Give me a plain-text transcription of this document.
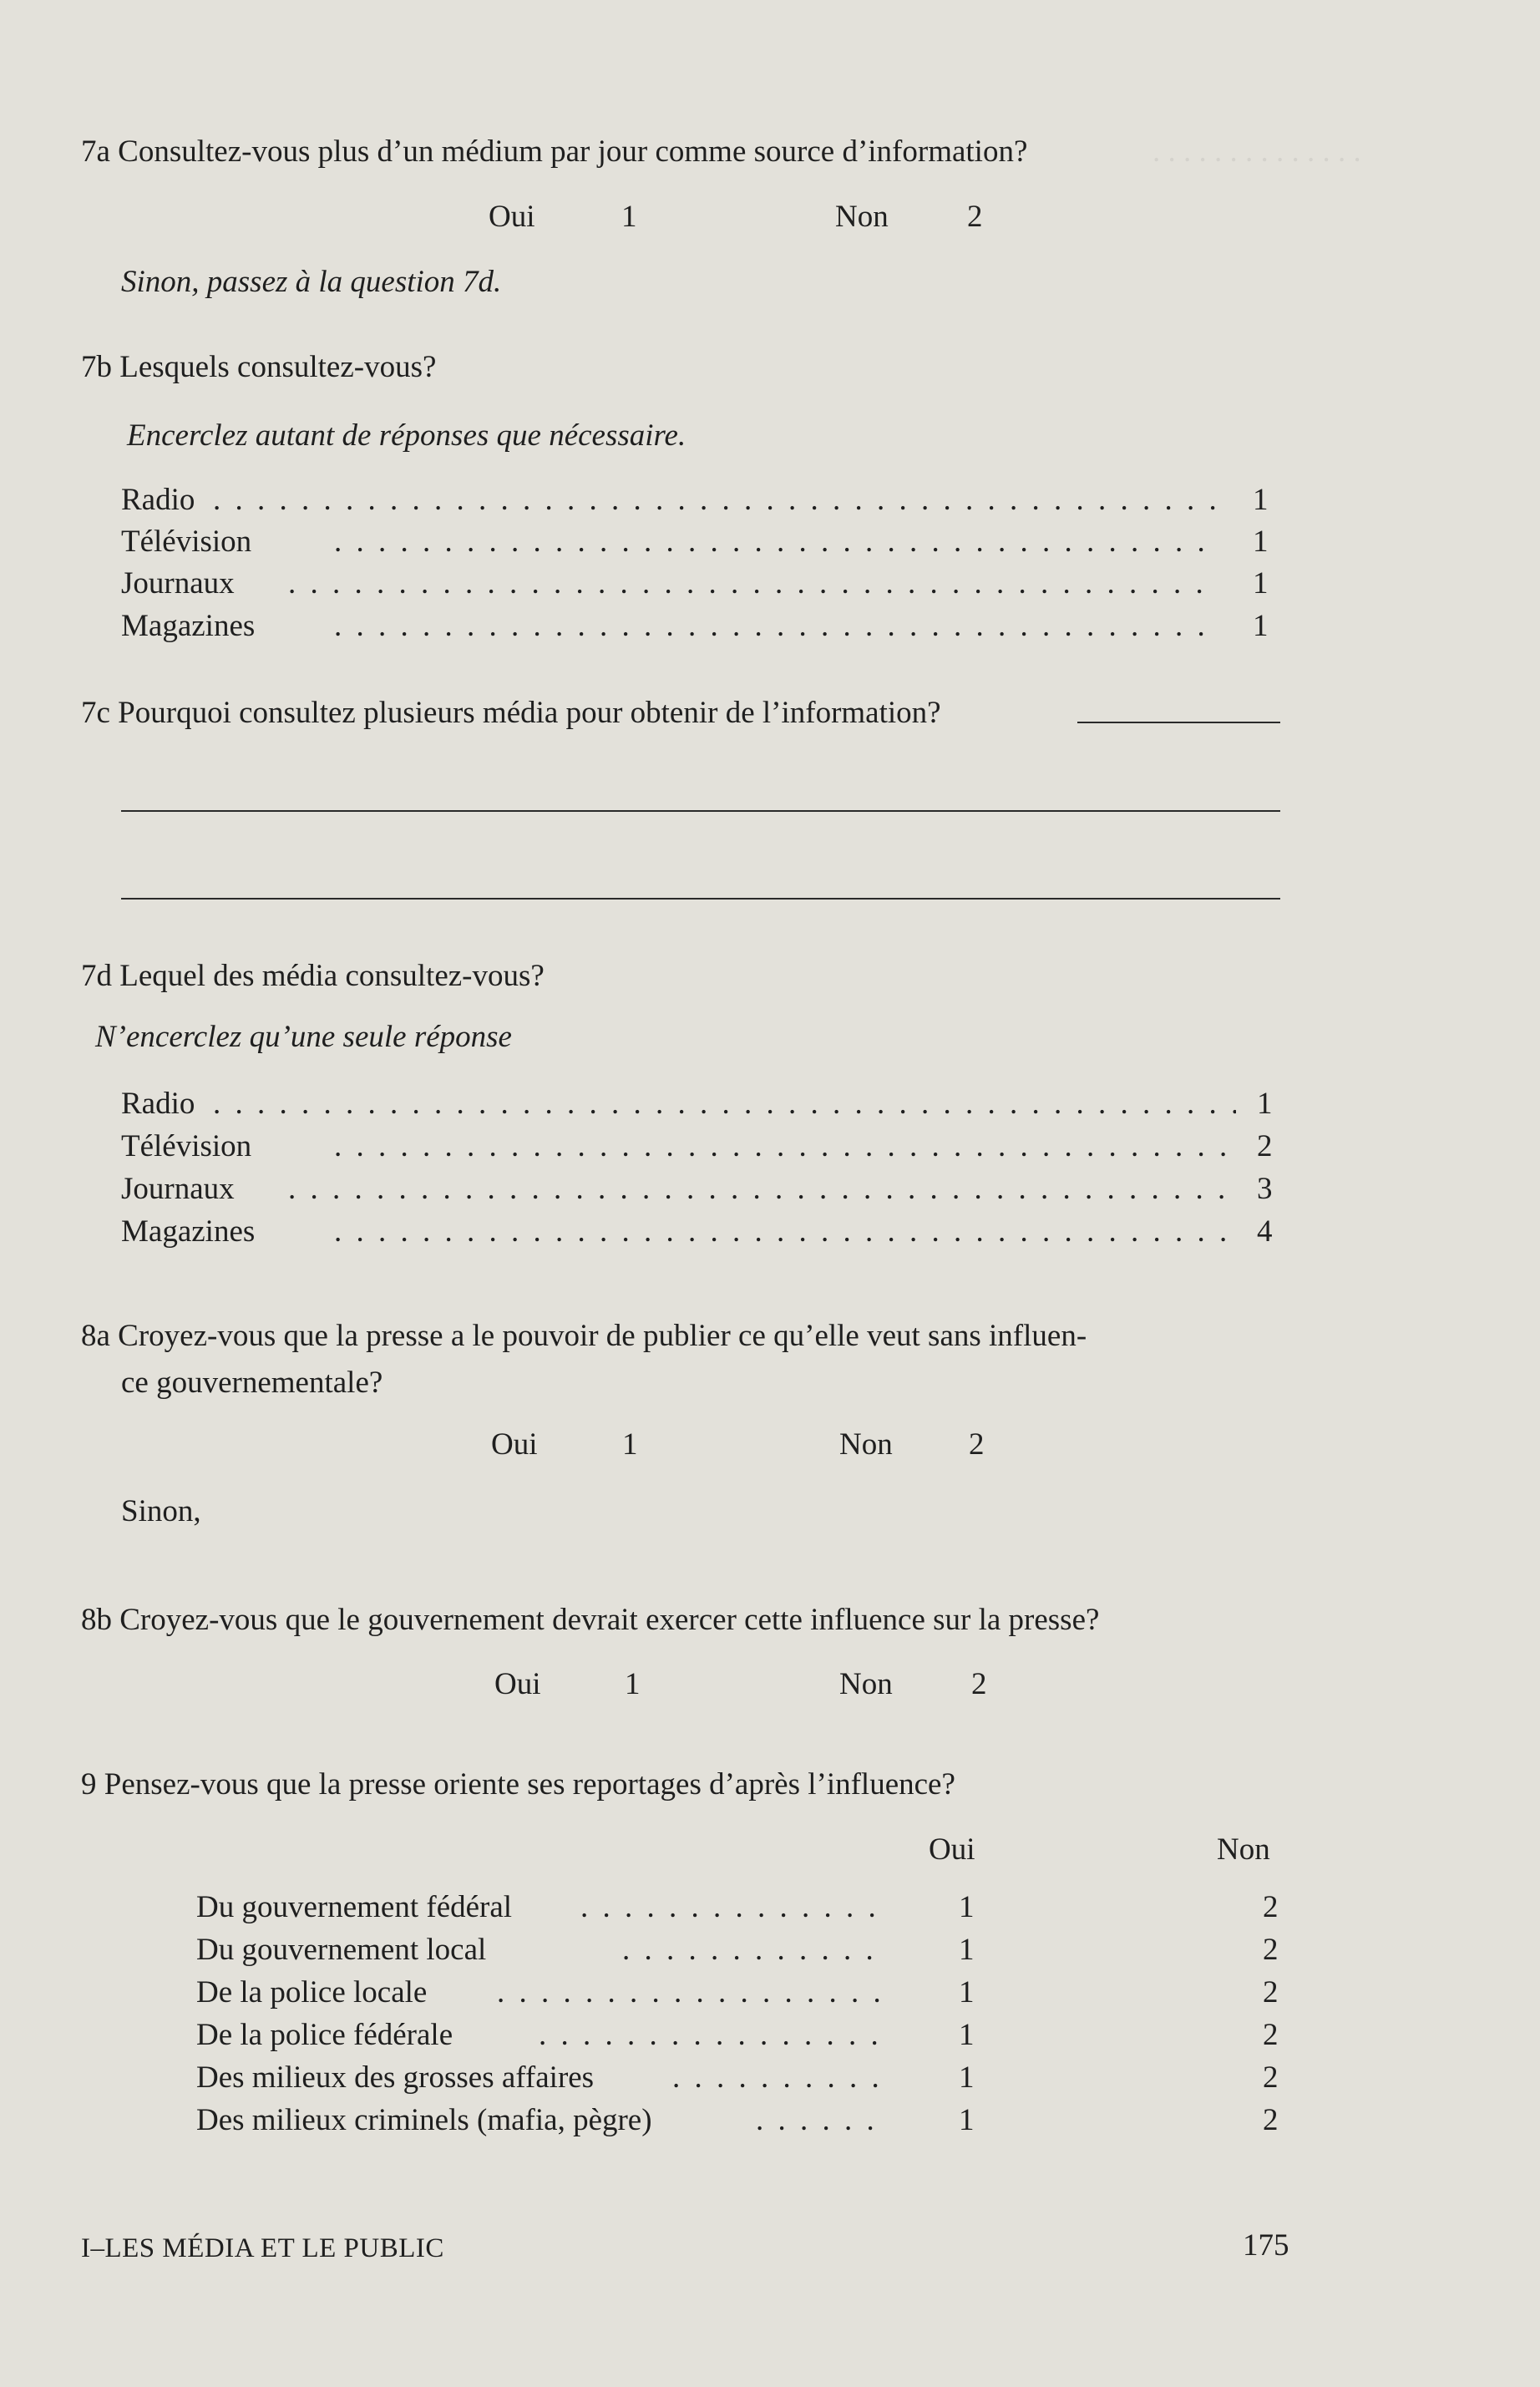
. . . . . . . . . . . . . .
7a Consultez-vous plus d’un médium par jour comme source d’information?
Oui	1	Non	2
Sinon, passez à la question 7d.
7b Lesquels consultez-vous?
Encerclez autant de réponses que nécessaire.
Radio . . .	1
Télévision . . .	1
Journaux . . .	1
Magazines . . .	1
7c Pourquoi consultez plusieurs média pour obtenir de l’information?
7d Lequel des média consultez-vous?
N’encerclez qu’une seule réponse
Radio . . .	1
Télévision . . .	2
Journaux . . .	3
Magazines . . .	4
8a Croyez-vous que la presse a le pouvoir de publier ce qu’elle veut sans influen-
ce gouvernementale?
Oui	1	Non 2
Sinon,
8b Croyez-vous que le gouvernement devrait exercer cette influence sur la presse?
Oui	1	Non	2
9 Pensez-vous que la presse oriente ses reportages d’après l’influence?
Oui	Non
Du gouvernement fédéral . . .	1	2
Du gouvernement local . . .	1	2
De la police locale . . .	1	2
De la police fédérale . . .	1	2
Des milieux des grosses affaires . . .	1	2
Des milieux criminels (mafia, pègre) . . .	1	2
I–LES MÉDIA ET LE PUBLIC	175
